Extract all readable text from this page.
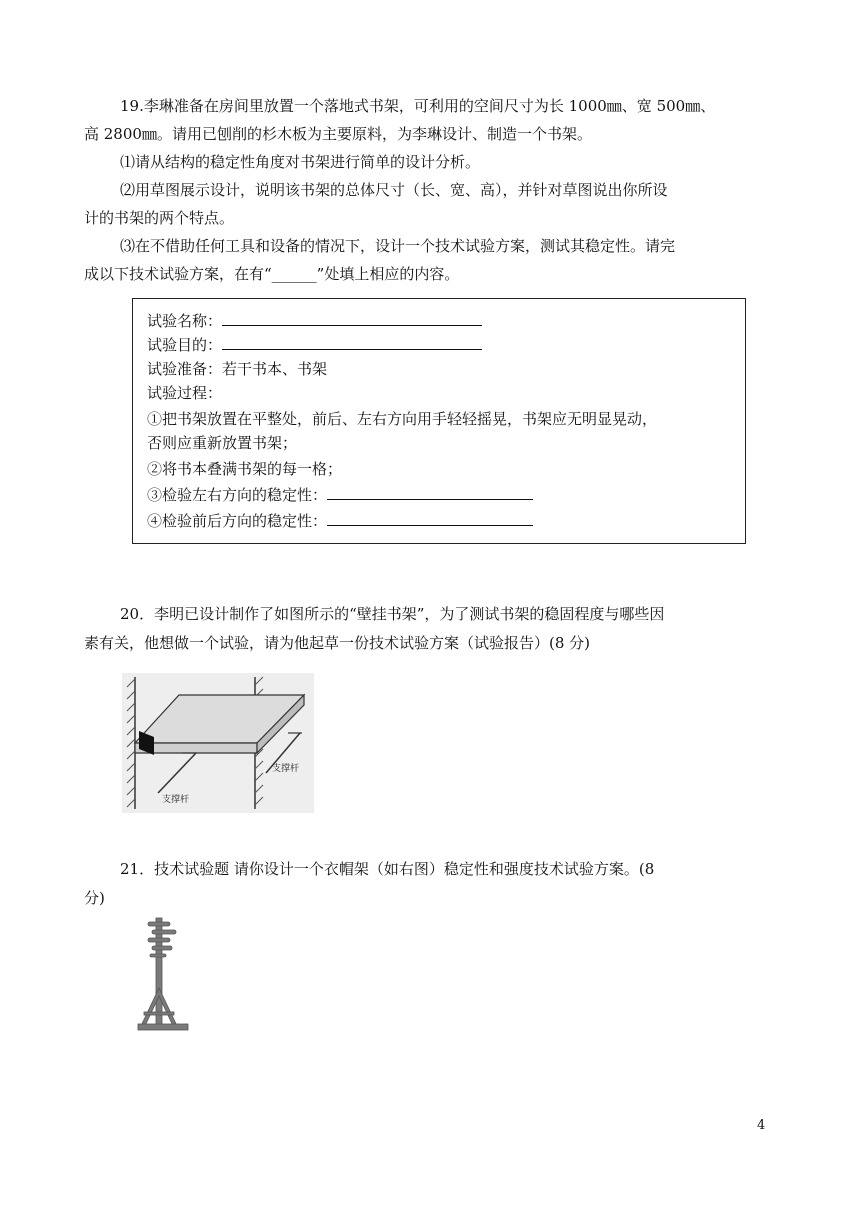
19.李琳准备在房间里放置一个落地式书架，可利用的空间尺寸为长 1000㎜、宽 500㎜、
高 2800㎜。请用已刨削的杉木板为主要原料，为李琳设计、制造一个书架。
⑴请从结构的稳定性角度对书架进行简单的设计分析。
⑵用草图展示设计，说明该书架的总体尺寸（长、宽、高），并针对草图说出你所设
计的书架的两个特点。
⑶在不借助任何工具和设备的情况下，设计一个技术试验方案，测试其稳定性。请完
成以下技术试验方案，在有“______”处填上相应的内容。
试验名称：
试验目的：
试验准备：若干书本、书架
试验过程：
①把书架放置在平整处，前后、左右方向用手轻轻摇晃，书架应无明显晃动，
否则应重新放置书架；
②将书本叠满书架的每一格；
③检验左右方向的稳定性：
④检验前后方向的稳定性：
20．李明已设计制作了如图所示的“壁挂书架”，为了测试书架的稳固程度与哪些因
素有关，他想做一个试验，请为他起草一份技术试验方案（试验报告）(8 分)
支撑杆
支撑杆
21．技术试验题 请你设计一个衣帽架（如右图）稳定性和强度技术试验方案。(8
分)
4
